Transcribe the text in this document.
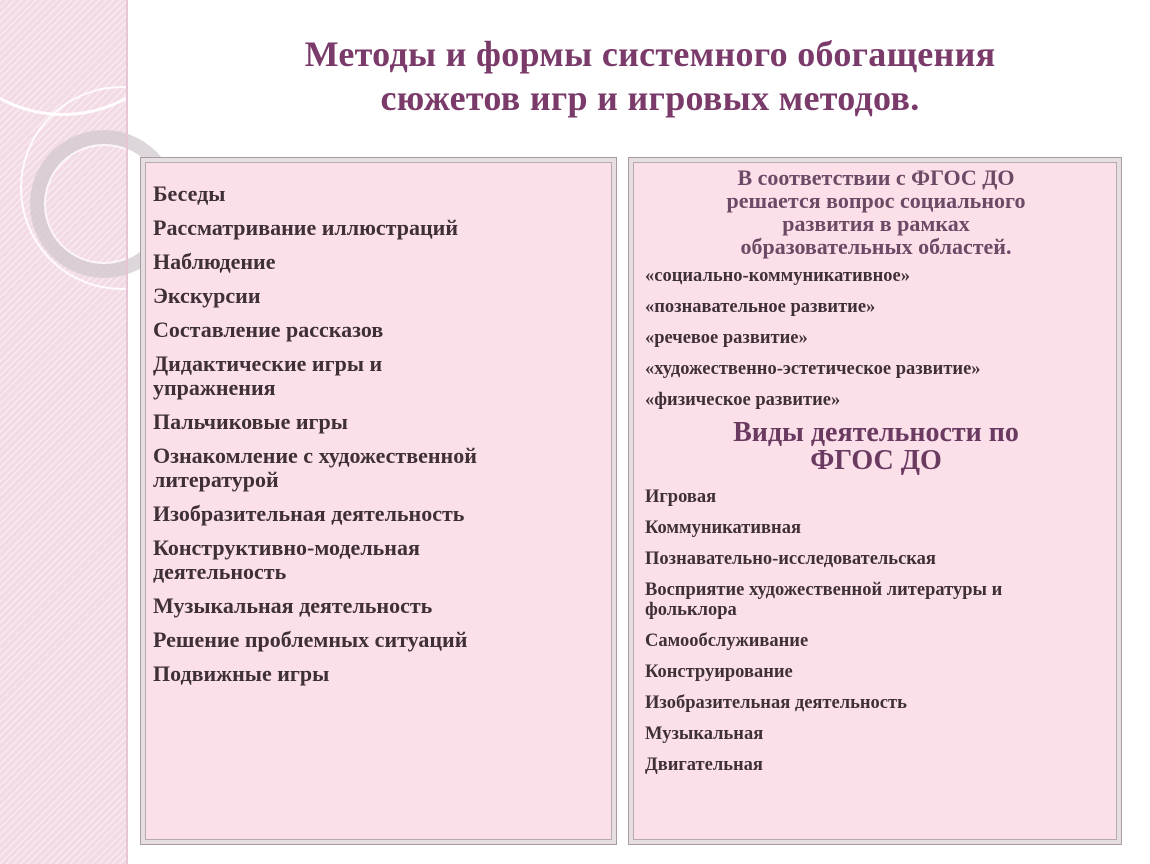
Методы и формы системного обогащения
сюжетов игр и игровых методов.
Беседы
Рассматривание иллюстраций
Наблюдение
Экскурсии
Составление рассказов
Дидактические игры и упражнения
Пальчиковые игры
Ознакомление с художественной литературой
Изобразительная деятельность
Конструктивно-модельная деятельность
Музыкальная деятельность
Решение проблемных ситуаций
Подвижные игры
В соответствии с ФГОС ДО
решается вопрос социального
развития в рамках
образовательных областей.
«социально-коммуникативное»
«познавательное развитие»
«речевое развитие»
«художественно-эстетическое развитие»
«физическое развитие»
Виды деятельности по
ФГОС ДО
Игровая
Коммуникативная
Познавательно-исследовательская
Восприятие художественной литературы и фольклора
Самообслуживание
Конструирование
Изобразительная деятельность
Музыкальная
Двигательная
